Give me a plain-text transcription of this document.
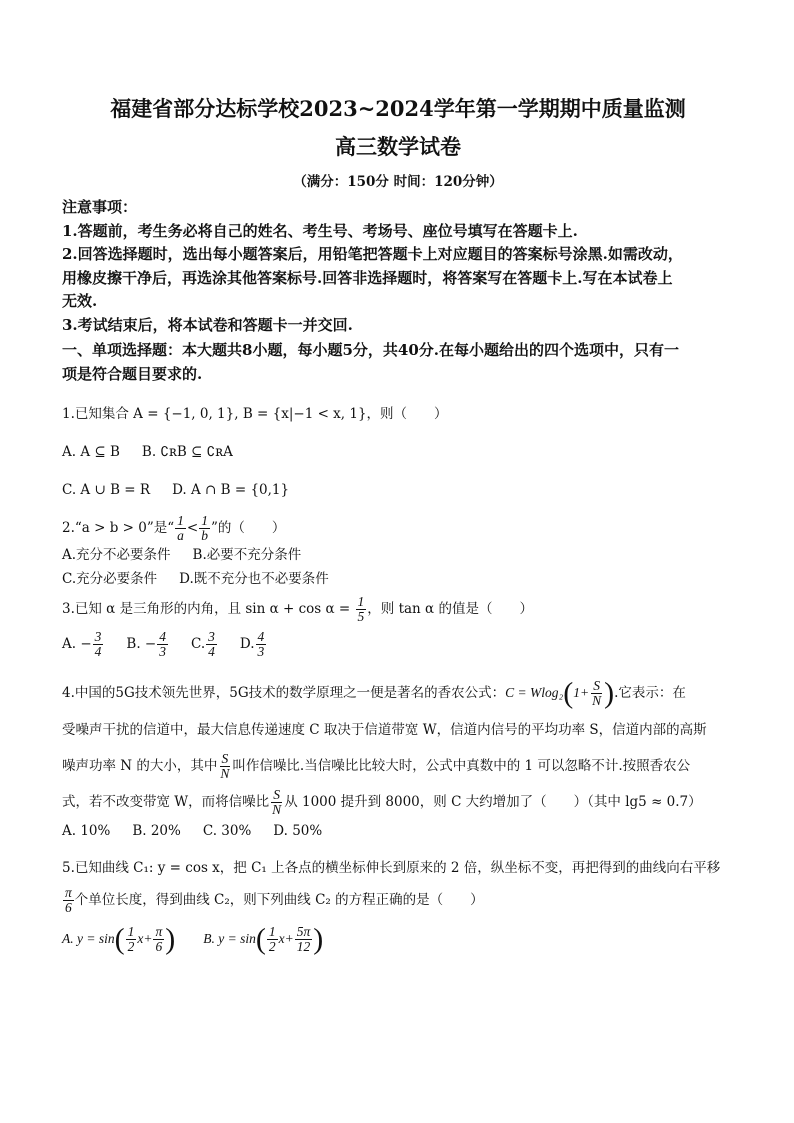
福建省部分达标学校2023~2024学年第一学期期中质量监测
高三数学试卷
（满分：150分 时间：120分钟）
注意事项：
1.答题前，考生务必将自己的姓名、考生号、考场号、座位号填写在答题卡上.
2.回答选择题时，选出每小题答案后，用铅笔把答题卡上对应题目的答案标号涂黑.如需改动，
用橡皮擦干净后，再选涂其他答案标号.回答非选择题时，将答案写在答题卡上.写在本试卷上
无效.
3.考试结束后，将本试卷和答题卡一并交回.
一、单项选择题：本大题共8小题，每小题5分，共40分.在每小题给出的四个选项中，只有一
项是符合题目要求的.
1.已知集合 A = {−1, 0, 1}, B = {x|−1 < x, 1}，则（　　）
A. A ⊆ B B. ∁ʀB ⊆ ∁ʀA
C. A ∪ B = R D. A ∩ B = {0,1}
2.“a > b > 0”是“ $\frac{1}{a} < \frac{1}{b}$ ”的（　　）
A.充分不必要条件 B.必要不充分条件
C.充分必要条件 D.既不充分也不必要条件
3.已知 α 是三角形的内角，且 $\sin \alpha + \cos \alpha = \frac{1}{5}$ ，则 tan α 的值是（　　）
A. − $\frac{3}{4} B$. − $\frac{4}{3} C$. $\frac{3}{4} D$. $\frac{4}{3}$
4.中国的5G技术领先世界，5G技术的数学原理之一便是著名的香农公式：$C = Wlog_2(1+ \frac{S}{N}$ ).它表示：在
受噪声干扰的信道中，最大信息传递速度 C 取决于信道带宽 W，信道内信号的平均功率 S，信道内部的高斯
噪声功率 N 的大小，其中 $\frac{S}{N}$ 叫作信噪比.当信噪比比较大时，公式中真数中的 1 可以忽略不计.按照香农公
式，若不改变带宽 W，而将信噪比 $\frac{S}{N}$ 从 1000 提升到 8000，则 C 大约增加了（　　）（其中 lg5 ≈ 0.7）
A. 10% B. 20% C. 30% D. 50%
5.已知曲线 C₁: y = cos x，把 C₁ 上各点的横坐标伸长到原来的 2 倍，纵坐标不变，再把得到的曲线向右平移
$\frac{\pi}{6}$ 个单位长度，得到曲线 C₂，则下列曲线 C₂ 的方程正确的是（　　）
A. $y = \sin( \frac{1}{2} x+ \frac{\pi}{6}$ ) B. $y = \sin( \frac{1}{2} x+ \frac{5\pi}{12}$ )
